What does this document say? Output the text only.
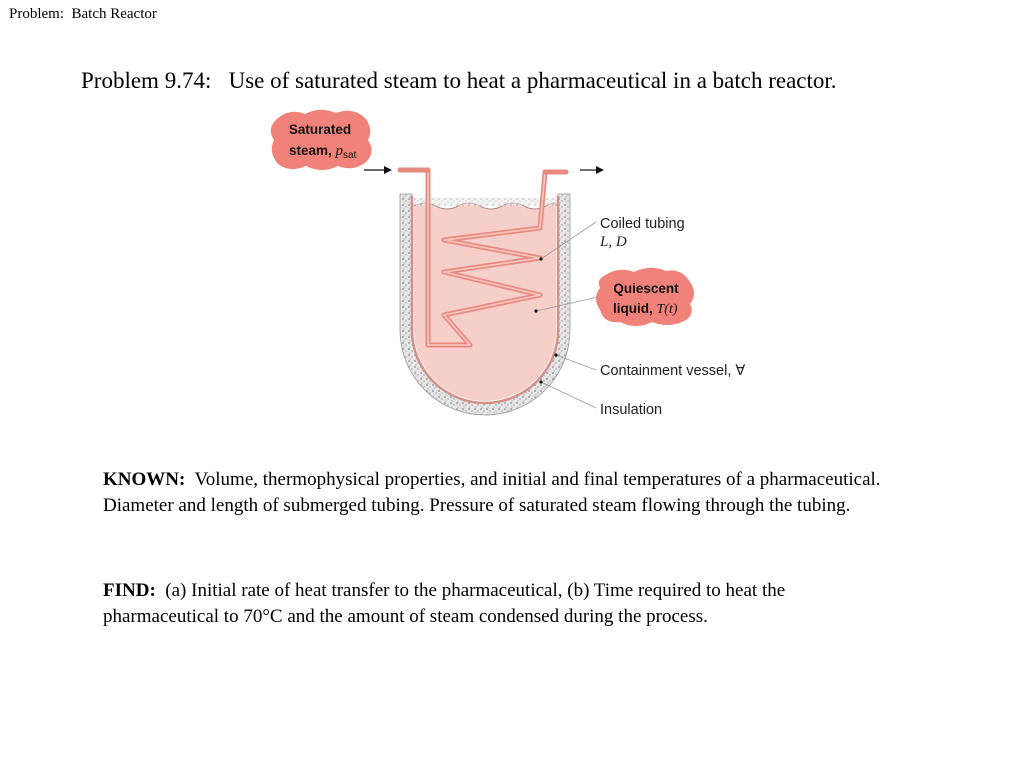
Problem:  Batch Reactor
Problem 9.74:   Use of saturated steam to heat a pharmaceutical in a batch reactor.
Saturated
steam, $p_{sat}$
Quiescent
liquid, T(t)
Coiled tubing
L, D
Containment vessel, ∀
Insulation
KNOWN: Volume, thermophysical properties, and initial and final temperatures of a pharmaceutical. Diameter and length of submerged tubing. Pressure of saturated steam flowing through the tubing.
FIND: (a) Initial rate of heat transfer to the pharmaceutical, (b) Time required to heat the pharmaceutical to 70°C and the amount of steam condensed during the process.
